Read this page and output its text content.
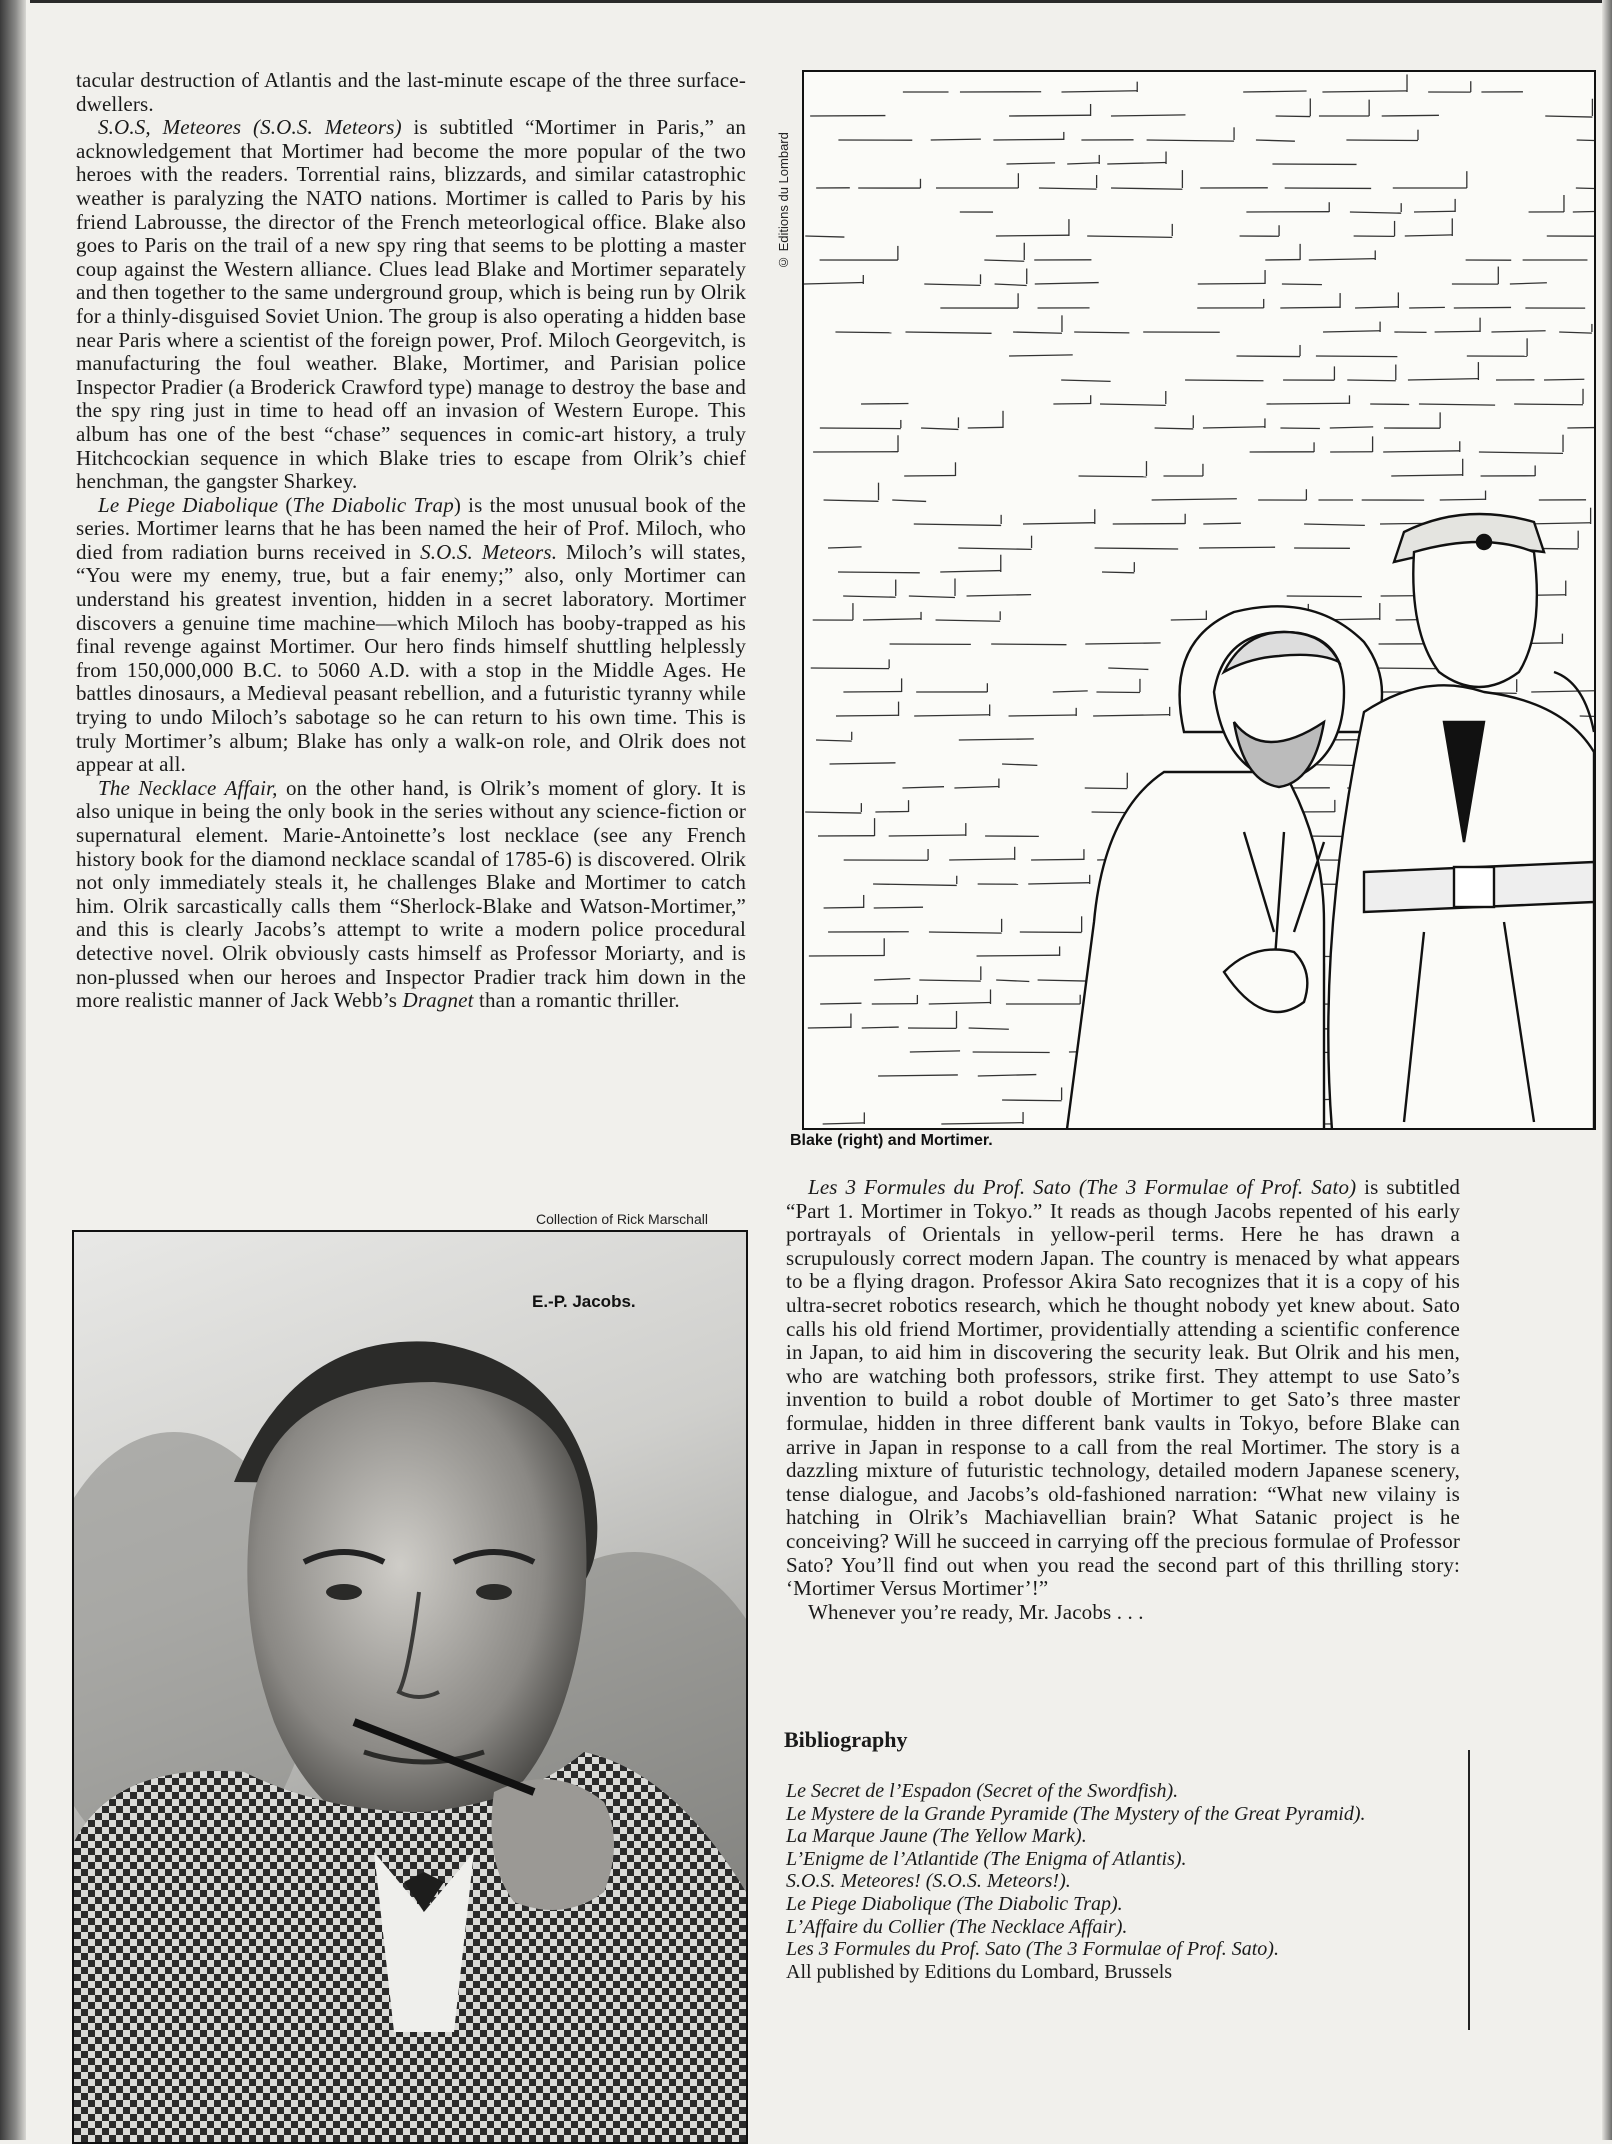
tacular destruction of Atlantis and the last-minute escape of the three surface-dwellers.

S.O.S, Meteores (S.O.S. Meteors) is subtitled “Mortimer in Paris,” an acknowledgement that Mortimer had become the more popular of the two heroes with the readers. Torrential rains, blizzards, and similar catastrophic weather is paralyzing the NATO nations. Mortimer is called to Paris by his friend Labrousse, the director of the French meteorlogical office. Blake also goes to Paris on the trail of a new spy ring that seems to be plotting a master coup against the Western alliance. Clues lead Blake and Mortimer separately and then together to the same underground group, which is being run by Olrik for a thinly-disguised Soviet Union. The group is also operating a hidden base near Paris where a scientist of the foreign power, Prof. Miloch Georgevitch, is manufacturing the foul weather. Blake, Mortimer, and Parisian police Inspector Pradier (a Broderick Crawford type) manage to destroy the base and the spy ring just in time to head off an invasion of Western Europe. This album has one of the best “chase” sequences in comic-art history, a truly Hitchcockian sequence in which Blake tries to escape from Olrik’s chief henchman, the gangster Sharkey.

Le Piege Diabolique (The Diabolic Trap) is the most unusual book of the series. Mortimer learns that he has been named the heir of Prof. Miloch, who died from radiation burns received in S.O.S. Meteors. Miloch’s will states, “You were my enemy, true, but a fair enemy;” also, only Mortimer can understand his greatest invention, hidden in a secret laboratory. Mortimer discovers a genuine time machine—which Miloch has booby-trapped as his final revenge against Mortimer. Our hero finds himself shuttling helplessly from 150,000,000 B.C. to 5060 A.D. with a stop in the Middle Ages. He battles dinosaurs, a Medieval peasant rebellion, and a futuristic tyranny while trying to undo Miloch’s sabotage so he can return to his own time. This is truly Mortimer’s album; Blake has only a walk-on role, and Olrik does not appear at all.

The Necklace Affair, on the other hand, is Olrik’s moment of glory. It is also unique in being the only book in the series without any science-fiction or supernatural element. Marie-Antoinette’s lost necklace (see any French history book for the diamond necklace scandal of 1785-6) is discovered. Olrik not only immediately steals it, he challenges Blake and Mortimer to catch him. Olrik sarcastically calls them “Sherlock-Blake and Watson-Mortimer,” and this is clearly Jacobs’s attempt to write a modern police procedural detective novel. Olrik obviously casts himself as Professor Moriarty, and is non-plussed when our heroes and Inspector Pradier track him down in the more realistic manner of Jack Webb’s Dragnet than a romantic thriller.

© Editions du Lombard
Blake (right) and Mortimer.
Collection of Rick Marschall
E.-P. Jacobs.

Les 3 Formules du Prof. Sato (The 3 Formulae of Prof. Sato) is subtitled “Part 1. Mortimer in Tokyo.” It reads as though Jacobs repented of his early portrayals of Orientals in yellow-peril terms. Here he has drawn a scrupulously correct modern Japan. The country is menaced by what appears to be a flying dragon. Professor Akira Sato recognizes that it is a copy of his ultra-secret robotics research, which he thought nobody yet knew about. Sato calls his old friend Mortimer, providentially attending a scientific conference in Japan, to aid him in discovering the security leak. But Olrik and his men, who are watching both professors, strike first. They attempt to use Sato’s invention to build a robot double of Mortimer to get Sato’s three master formulae, hidden in three different bank vaults in Tokyo, before Blake can arrive in Japan in response to a call from the real Mortimer. The story is a dazzling mixture of futuristic technology, detailed modern Japanese scenery, tense dialogue, and Jacobs’s old-fashioned narration: “What new vilainy is hatching in Olrik’s Machiavellian brain? What Satanic project is he conceiving? Will he succeed in carrying off the precious formulae of Professor Sato? You’ll find out when you read the second part of this thrilling story: ‘Mortimer Versus Mortimer’!”

Whenever you’re ready, Mr. Jacobs . . .

Bibliography
Le Secret de l’Espadon (Secret of the Swordfish).
Le Mystere de la Grande Pyramide (The Mystery of the Great Pyramid).
La Marque Jaune (The Yellow Mark).
L’Enigme de l’Atlantide (The Enigma of Atlantis).
S.O.S. Meteores! (S.O.S. Meteors!).
Le Piege Diabolique (The Diabolic Trap).
L’Affaire du Collier (The Necklace Affair).
Les 3 Formules du Prof. Sato (The 3 Formulae of Prof. Sato).
All published by Editions du Lombard, Brussels
